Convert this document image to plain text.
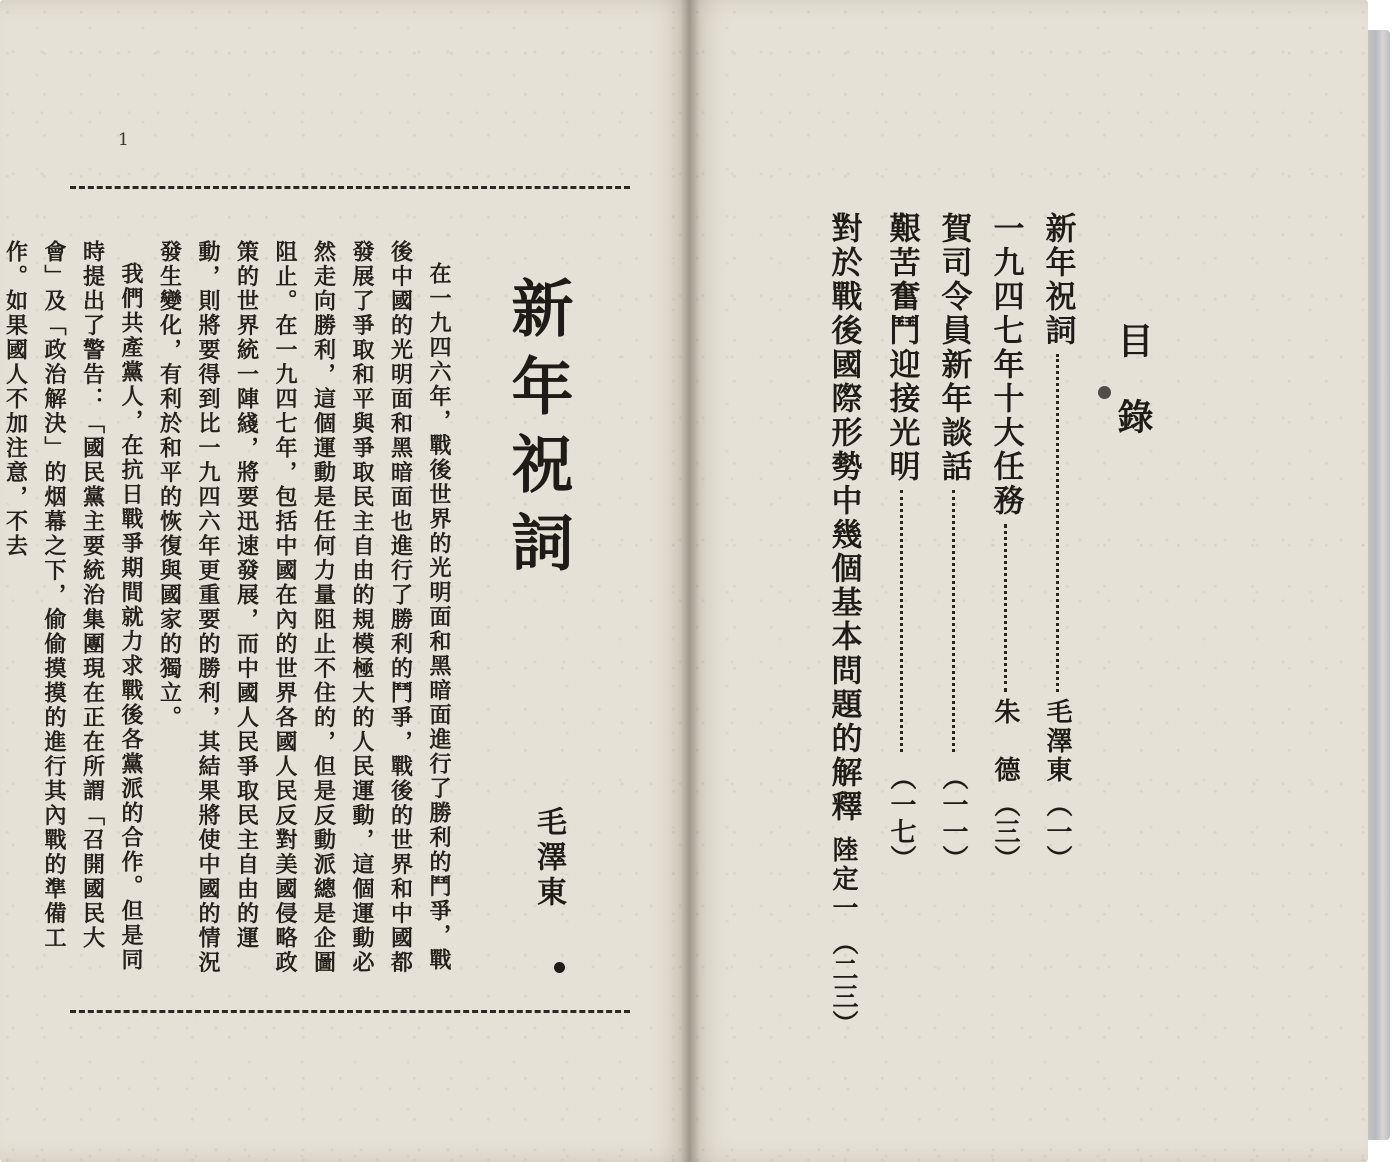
1
新年祝詞
毛澤東

在一九四六年，戰後世界的光明面和黑暗面進行了勝利的鬥爭，戰後中國的光明面和黑暗面也進行了勝利的鬥爭，戰後的世界和中國都發展了爭取和平與爭取民主自由的規模極大的人民運動，這個運動必然走向勝利，這個運動是任何力量阻止不住的，但是反動派總是企圖阻止。在一九四七年，包括中國在內的世界各國人民反對美國侵略政策的世界統一陣綫，將要迅速發展，而中國人民爭取民主自由的運動，則將要得到比一九四六年更重要的勝利，其結果將使中國的情況發生變化，有利於和平的恢復與國家的獨立。

我們共產黨人，在抗日戰爭期間就力求戰後各黨派的合作。但是同時提出了警告：「國民黨主要統治集團現在正在所謂「召開國民大會」及「政治解決」的烟幕之下，偷偷摸摸的進行其內戰的準備工作。如果國人不加注意，不去	目錄
新年祝詞
毛澤東
（一）
一九四七年十大任務
朱　德
（三）
賀司令員新年談話
（一一）
艱苦奮鬥迎接光明
（一七）
對於戰後國際形勢中幾個基本問題的解釋
陸定一
（二三）
